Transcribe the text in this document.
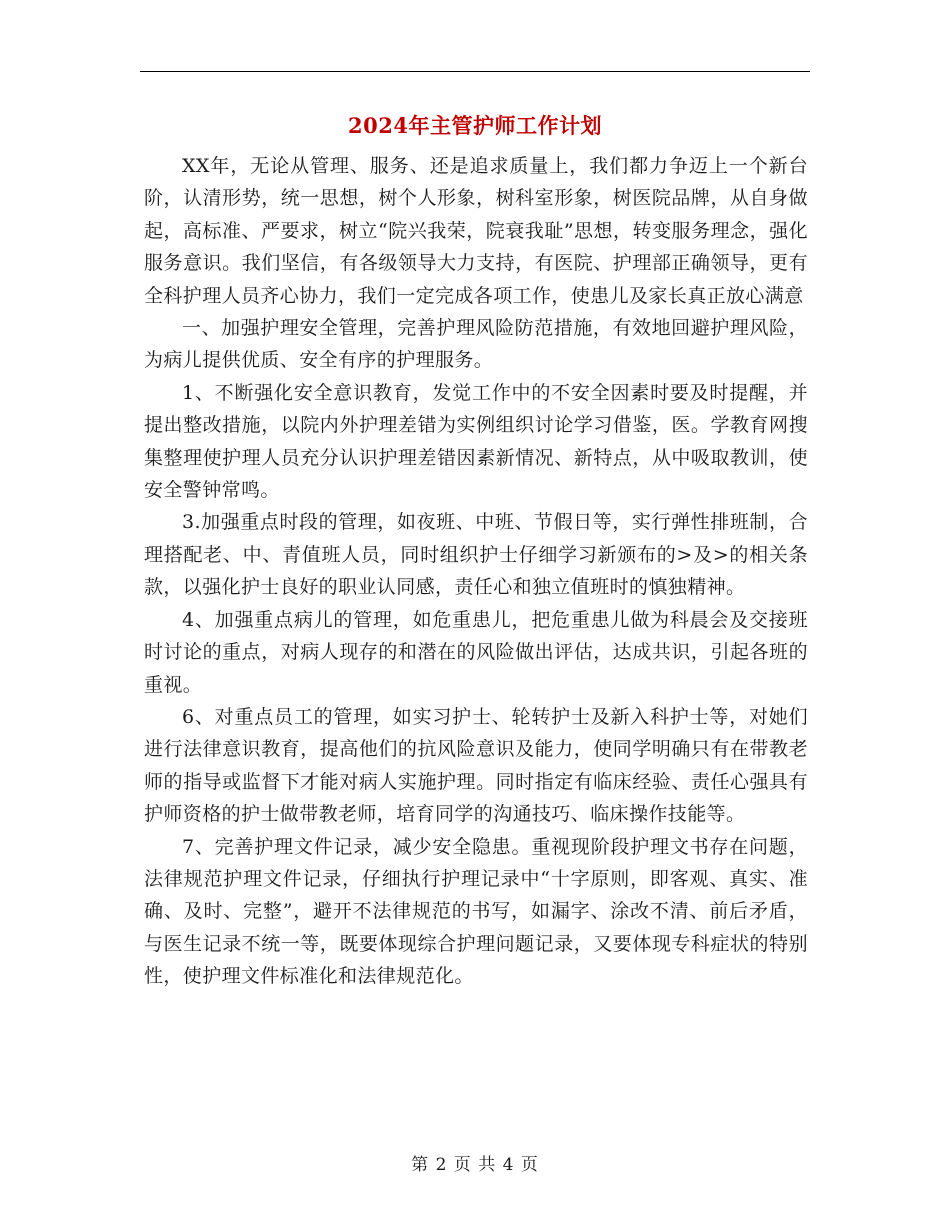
2024年主管护师工作计划

XX年，无论从管理、服务、还是追求质量上，我们都力争迈上一个新台阶，认清形势，统一思想，树个人形象，树科室形象，树医院品牌，从自身做起，高标准、严要求，树立“院兴我荣，院衰我耻”思想，转变服务理念，强化服务意识。我们坚信，有各级领导大力支持，有医院、护理部正确领导，更有全科护理人员齐心协力，我们一定完成各项工作，使患儿及家长真正放心满意

一、加强护理安全管理，完善护理风险防范措施，有效地回避护理风险，为病儿提供优质、安全有序的护理服务。

1、不断强化安全意识教育，发觉工作中的不安全因素时要及时提醒，并提出整改措施，以院内外护理差错为实例组织讨论学习借鉴，医。学教育网搜集整理使护理人员充分认识护理差错因素新情况、新特点，从中吸取教训，使安全警钟常鸣。

3.加强重点时段的管理，如夜班、中班、节假日等，实行弹性排班制，合理搭配老、中、青值班人员，同时组织护士仔细学习新颁布的>及>的相关条款，以强化护士良好的职业认同感，责任心和独立值班时的慎独精神。

4、加强重点病儿的管理，如危重患儿，把危重患儿做为科晨会及交接班时讨论的重点，对病人现存的和潜在的风险做出评估，达成共识，引起各班的重视。

6、对重点员工的管理，如实习护士、轮转护士及新入科护士等，对她们进行法律意识教育，提高他们的抗风险意识及能力，使同学明确只有在带教老师的指导或监督下才能对病人实施护理。同时指定有临床经验、责任心强具有护师资格的护士做带教老师，培育同学的沟通技巧、临床操作技能等。

7、完善护理文件记录，减少安全隐患。重视现阶段护理文书存在问题，法律规范护理文件记录，仔细执行护理记录中“十字原则，即客观、真实、准确、及时、完整”，避开不法律规范的书写，如漏字、涂改不清、前后矛盾，与医生记录不统一等，既要体现综合护理问题记录，又要体现专科症状的特别性，使护理文件标准化和法律规范化。

第 2 页 共 4 页
